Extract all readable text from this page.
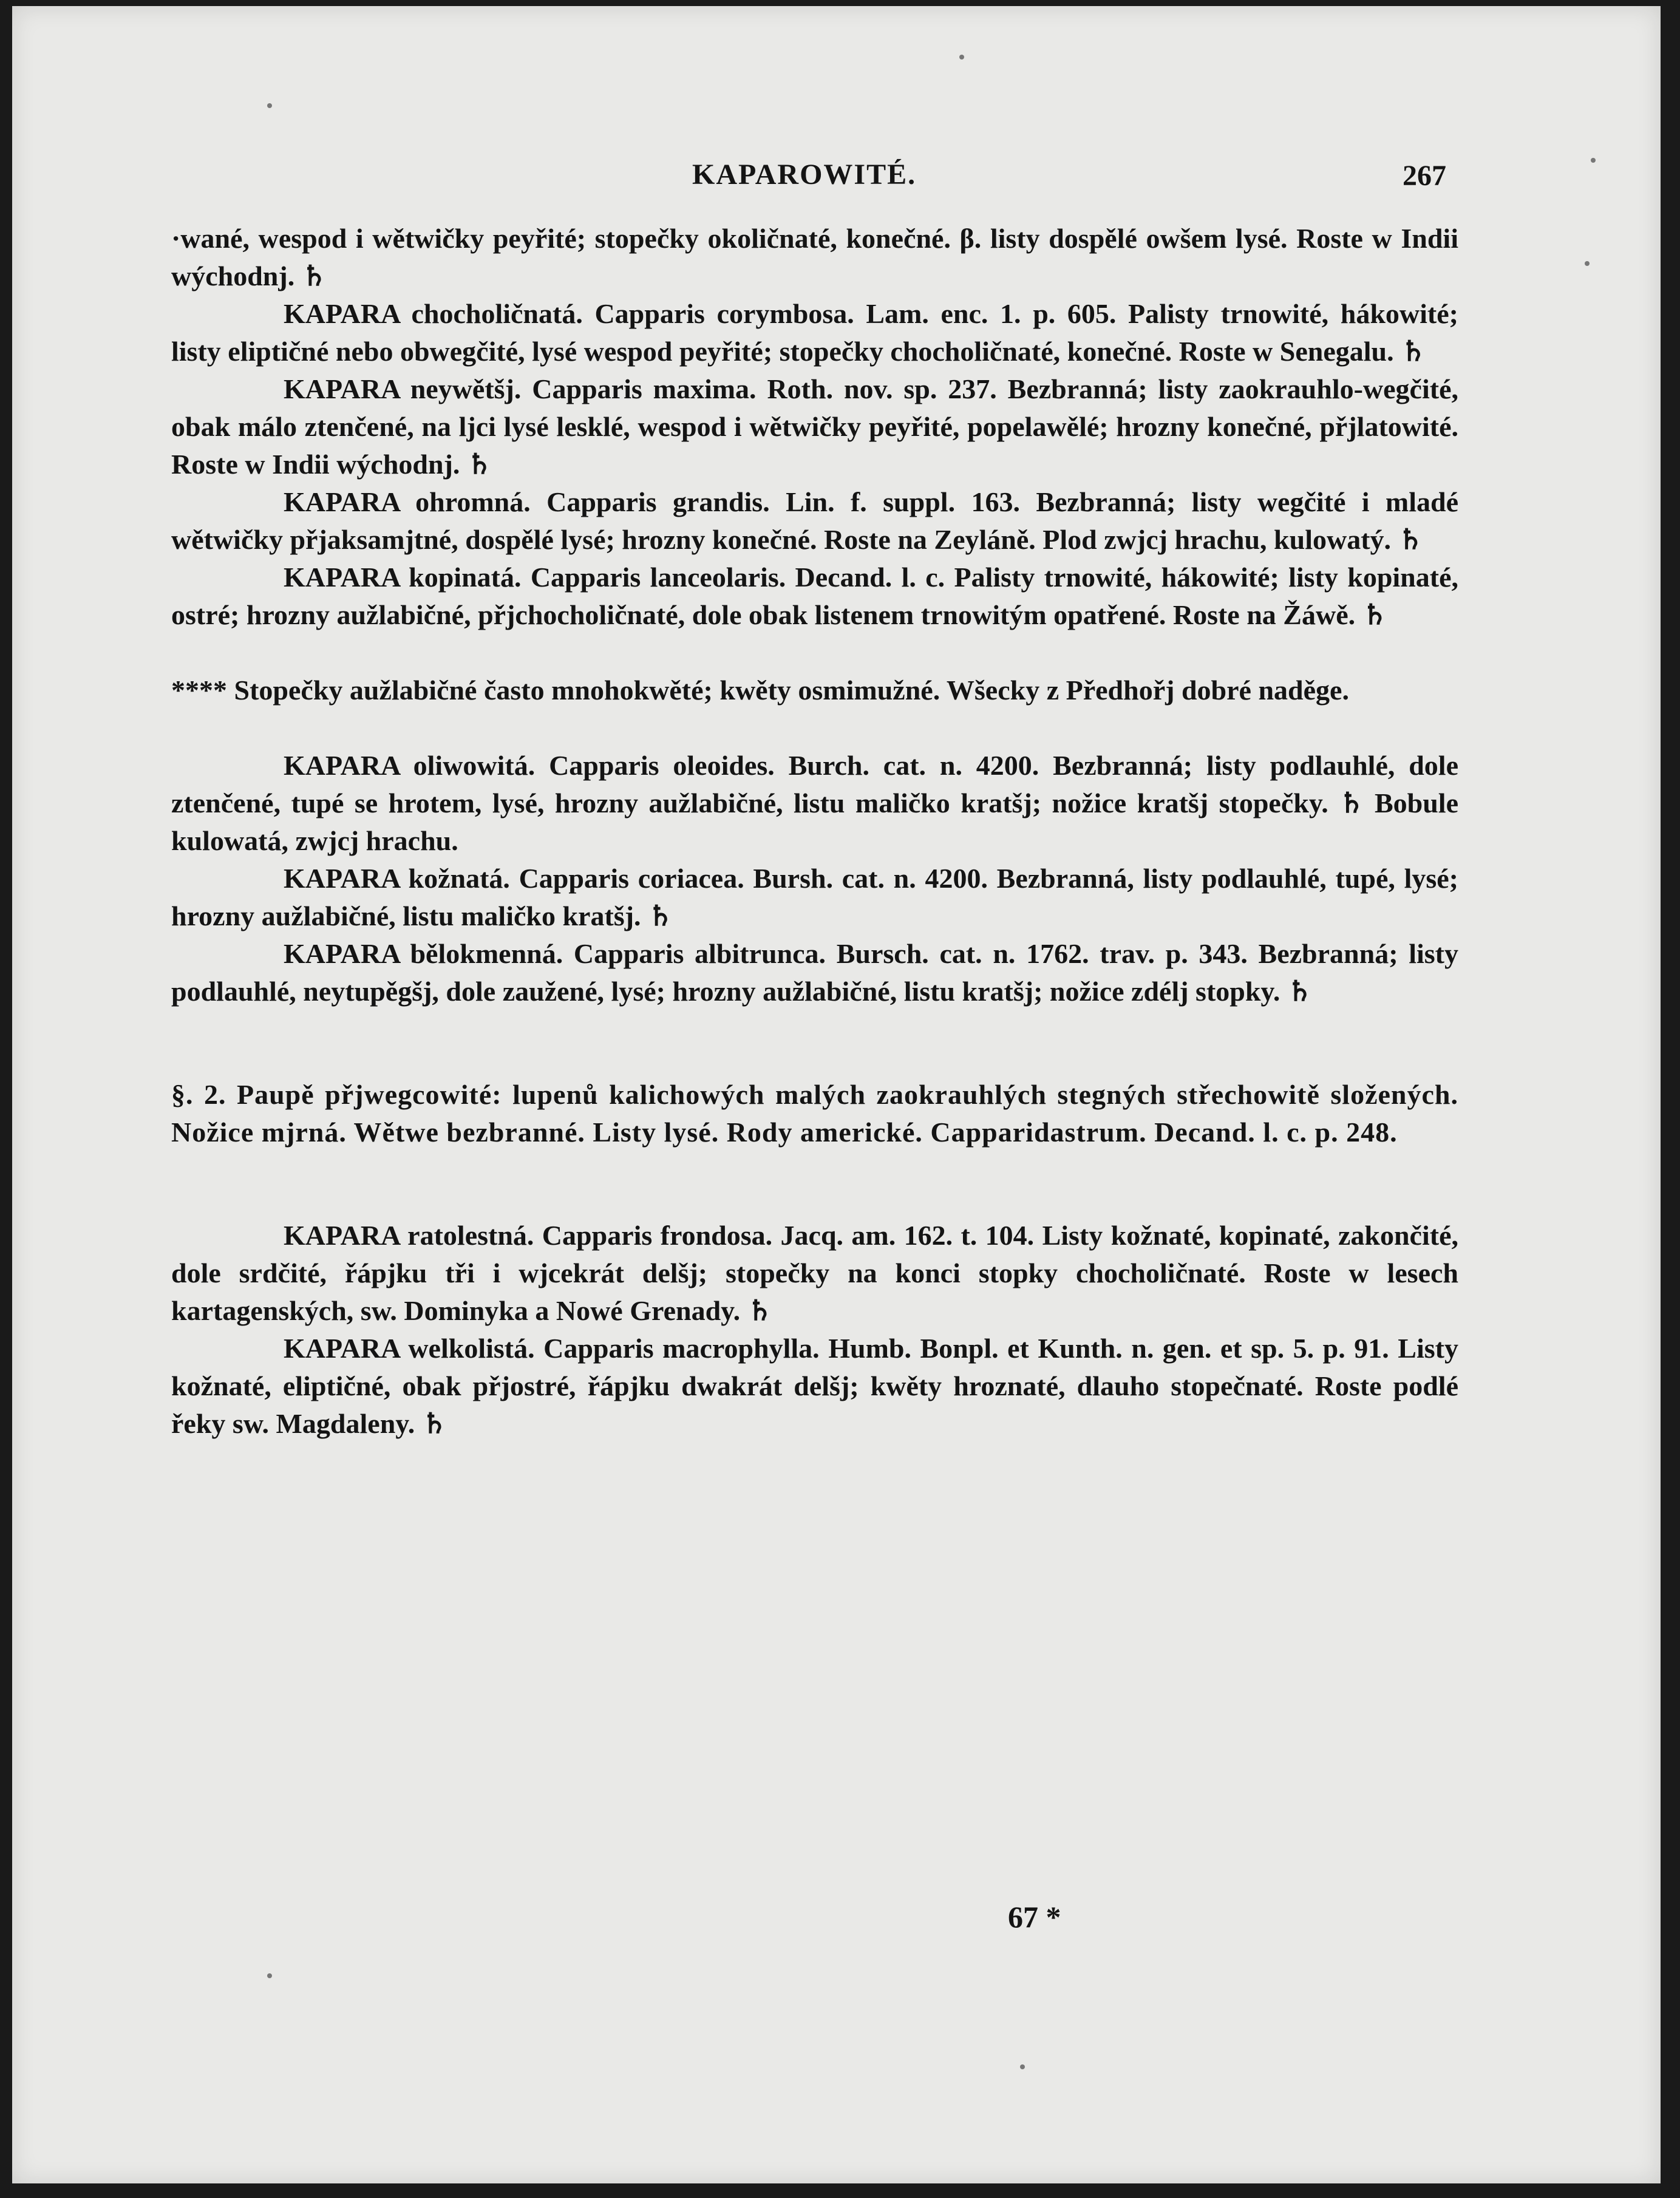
KAPAROWITÉ.	267

·wané, wespod i wětwičky peyřité; stopečky okoličnaté, konečné. β. listy dospělé owšem lysé. Roste w Indii wýchodnj. ♄

KAPARA chocholičnatá. Capparis corymbosa. Lam. enc. 1. p. 605. Palisty trnowité, hákowité; listy eliptičné nebo obwegčité, lysé wespod peyřité; stopečky chocholičnaté, konečné. Roste w Senegalu. ♄

KAPARA neywětšj. Capparis maxima. Roth. nov. sp. 237. Bezbranná; listy zaokrauhlo-wegčité, obak málo ztenčené, na ljci lysé lesklé, wespod i wětwičky peyřité, popelawělé; hrozny konečné, přjlatowité. Roste w Indii wýchodnj. ♄

KAPARA ohromná. Capparis grandis. Lin. f. suppl. 163. Bezbranná; listy wegčité i mladé wětwičky přjaksamjtné, dospělé lysé; hrozny konečné. Roste na Zeyláně. Plod zwjcj hrachu, kulowatý. ♄

KAPARA kopinatá. Capparis lanceolaris. Decand. l. c. Palisty trnowité, hákowité; listy kopinaté, ostré; hrozny aužlabičné, přjchocholičnaté, dole obak listenem trnowitým opatřené. Roste na Žáwě. ♄

**** Stopečky aužlabičné často mnohokwěté; kwěty osmimužné. Wšecky z Předhořj dobré naděge.

KAPARA oliwowitá. Capparis oleoides. Burch. cat. n. 4200. Bezbranná; listy podlauhlé, dole ztenčené, tupé se hrotem, lysé, hrozny aužlabičné, listu maličko kratšj; nožice kratšj stopečky. ♄ Bobule kulowatá, zwjcj hrachu.

KAPARA kožnatá. Capparis coriacea. Bursh. cat. n. 4200. Bezbranná, listy podlauhlé, tupé, lysé; hrozny aužlabičné, listu maličko kratšj. ♄

KAPARA bělokmenná. Capparis albitrunca. Bursch. cat. n. 1762. trav. p. 343. Bezbranná; listy podlauhlé, neytupěgšj, dole zaužené, lysé; hrozny aužlabičné, listu kratšj; nožice zdélj stopky. ♄

§. 2. Paupě přjwegcowité: lupenů kalichowých malých zaokrauhlých stegných střechowitě složených. Nožice mjrná. Wětwe bezbranné. Listy lysé. Rody americké. Capparidastrum. Decand. l. c. p. 248.

KAPARA ratolestná. Capparis frondosa. Jacq. am. 162. t. 104. Listy kožnaté, kopinaté, zakončité, dole srdčité, řápjku tři i wjcekrát delšj; stopečky na konci stopky chocholičnaté. Roste w lesech kartagenských, sw. Dominyka a Nowé Grenady. ♄

KAPARA welkolistá. Capparis macrophylla. Humb. Bonpl. et Kunth. n. gen. et sp. 5. p. 91. Listy kožnaté, eliptičné, obak přjostré, řápjku dwakrát delšj; kwěty hroznaté, dlauho stopečnaté. Roste podlé řeky sw. Magdaleny. ♄

67 *
